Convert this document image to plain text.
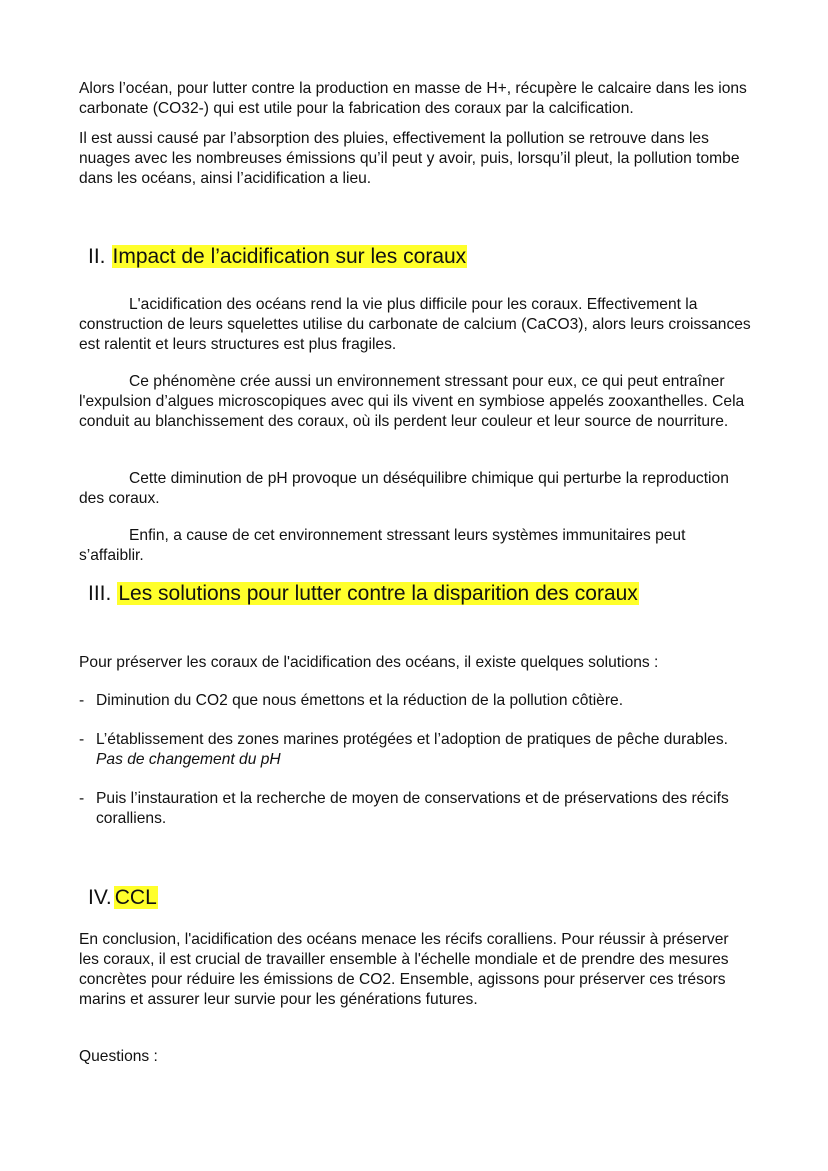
Alors l’océan, pour lutter contre la production en masse de H+, récupère le calcaire dans les ions carbonate (CO32-) qui est utile pour la fabrication des coraux par la calcification.

Il est aussi causé par l’absorption des pluies, effectivement la pollution se retrouve dans les nuages avec les nombreuses émissions qu’il peut y avoir, puis, lorsqu’il pleut, la pollution tombe dans les océans, ainsi l’acidification a lieu.

II. Impact de l’acidification sur les coraux

L'acidification des océans rend la vie plus difficile pour les coraux. Effectivement la construction de leurs squelettes utilise du carbonate de calcium (CaCO3), alors leurs croissances est ralentit et leurs structures est plus fragiles.

Ce phénomène crée aussi un environnement stressant pour eux, ce qui peut entraîner l'expulsion d’algues microscopiques avec qui ils vivent en symbiose appelés zooxanthelles. Cela conduit au blanchissement des coraux, où ils perdent leur couleur et leur source de nourriture.

Cette diminution de pH provoque un déséquilibre chimique qui perturbe la reproduction des coraux.

Enfin, a cause de cet environnement stressant leurs systèmes immunitaires peut s’affaiblir.

III. Les solutions pour lutter contre la disparition des coraux

Pour préserver les coraux de l'acidification des océans, il existe quelques solutions :

- Diminution du CO2 que nous émettons et la réduction de la pollution côtière.
- L’établissement des zones marines protégées et l’adoption de pratiques de pêche durables. Pas de changement du pH
- Puis l’instauration et la recherche de moyen de conservations et de préservations des récifs coralliens.
IV. CCL

En conclusion, l'acidification des océans menace les récifs coralliens. Pour réussir à préserver les coraux, il est crucial de travailler ensemble à l'échelle mondiale et de prendre des mesures concrètes pour réduire les émissions de CO2. Ensemble, agissons pour préserver ces trésors marins et assurer leur survie pour les générations futures.

Questions :
